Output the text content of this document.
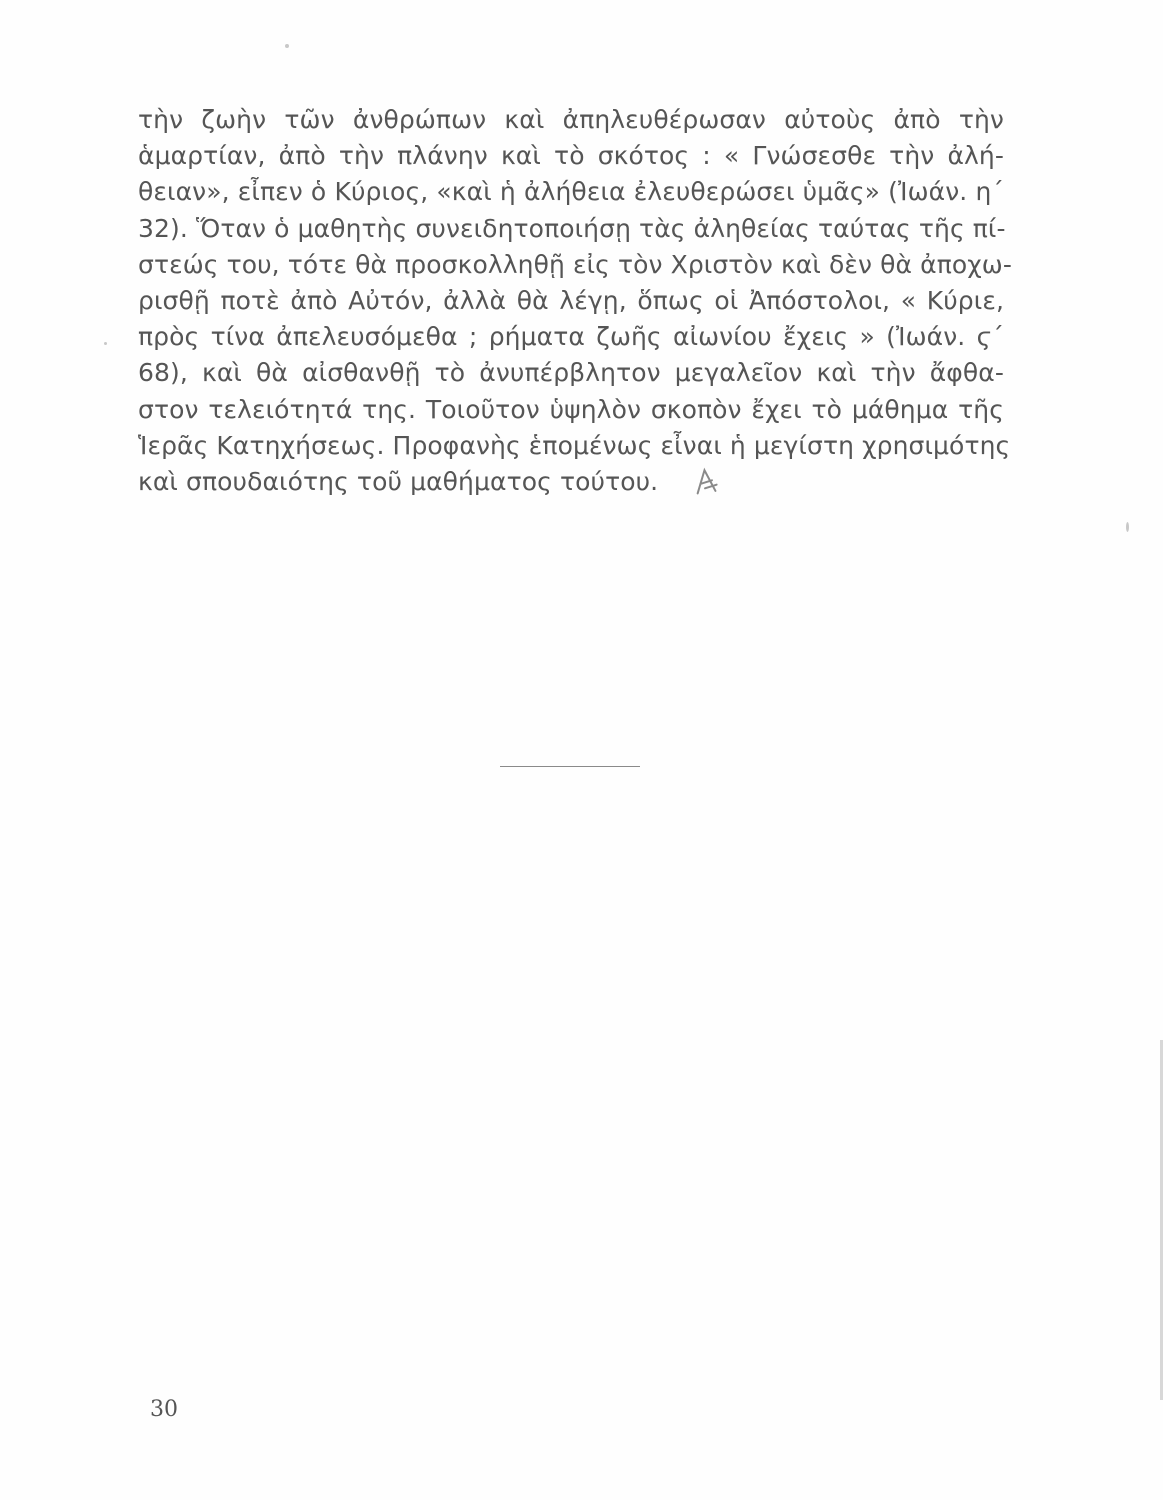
τὴν ζωὴν τῶν ἀνθρώπων καὶ ἀπηλευθέρωσαν αὐτοὺς ἀπὸ τὴν
ἁμαρτίαν, ἀπὸ τὴν πλάνην καὶ τὸ σκότος : « Γνώσεσθε τὴν ἀλή-
θειαν», εἶπεν ὁ Κύριος, «καὶ ἡ ἀλήθεια ἐλευθερώσει ὑμᾶς» (Ἰωάν. η΄
32). Ὅταν ὁ μαθητὴς συνειδητοποιήσῃ τὰς ἀληθείας ταύτας τῆς πί-
στεώς του, τότε θὰ προσκολληθῇ εἰς τὸν Χριστὸν καὶ δὲν θὰ ἀποχω-
ρισθῇ ποτὲ ἀπὸ Αὐτόν, ἀλλὰ θὰ λέγῃ, ὅπως οἱ Ἀπόστολοι, « Κύριε,
πρὸς τίνα ἀπελευσόμεθα ; ρήματα ζωῆς αἰωνίου ἔχεις » (Ἰωάν. ϛ΄
68), καὶ θὰ αἰσθανθῇ τὸ ἀνυπέρβλητον μεγαλεῖον καὶ τὴν ἄφθα-
στον τελειότητά της. Τοιοῦτον ὑψηλὸν σκοπὸν ἔχει τὸ μάθημα τῆς
Ἱερᾶς Κατηχήσεως. Προφανὴς ἑπομένως εἶναι ἡ μεγίστη χρησιμότης
καὶ σπουδαιότης τοῦ μαθήματος τούτου.
30
